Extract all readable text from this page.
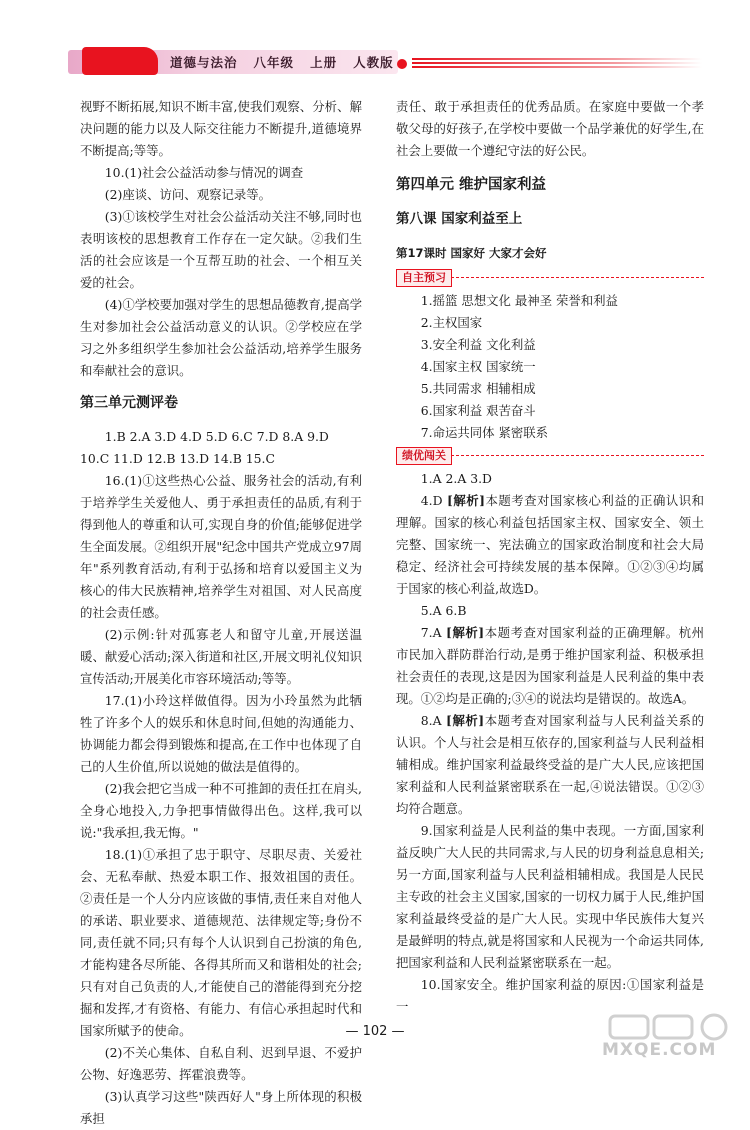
道德与法治   八年级   上册   人教版

视野不断拓展,知识不断丰富,使我们观察、分析、解决问题的能力以及人际交往能力不断提升,道德境界不断提高;等等。

10.(1)社会公益活动参与情况的调查

(2)座谈、访问、观察记录等。

(3)①该校学生对社会公益活动关注不够,同时也表明该校的思想教育工作存在一定欠缺。②我们生活的社会应该是一个互帮互助的社会、一个相互关爱的社会。

(4)①学校要加强对学生的思想品德教育,提高学生对参加社会公益活动意义的认识。②学校应在学习之外多组织学生参加社会公益活动,培养学生服务和奉献社会的意识。

第三单元测评卷

1.B 2.A 3.D 4.D 5.D 6.C 7.D 8.A 9.D

10.C 11.D 12.B 13.D 14.B 15.C

16.(1)①这些热心公益、服务社会的活动,有利于培养学生关爱他人、勇于承担责任的品质,有利于得到他人的尊重和认可,实现自身的价值;能够促进学生全面发展。②组织开展"纪念中国共产党成立97周年"系列教育活动,有利于弘扬和培育以爱国主义为核心的伟大民族精神,培养学生对祖国、对人民高度的社会责任感。

(2)示例:针对孤寡老人和留守儿童,开展送温暖、献爱心活动;深入街道和社区,开展文明礼仪知识宣传活动;开展美化市容环境活动;等等。

17.(1)小玲这样做值得。因为小玲虽然为此牺牲了许多个人的娱乐和休息时间,但她的沟通能力、协调能力都会得到锻炼和提高,在工作中也体现了自己的人生价值,所以说她的做法是值得的。

(2)我会把它当成一种不可推卸的责任扛在肩头,全身心地投入,力争把事情做得出色。这样,我可以说:"我承担,我无悔。"

18.(1)①承担了忠于职守、尽职尽责、关爱社会、无私奉献、热爱本职工作、报效祖国的责任。②责任是一个人分内应该做的事情,责任来自对他人的承诺、职业要求、道德规范、法律规定等;身份不同,责任就不同;只有每个人认识到自己扮演的角色,才能构建各尽所能、各得其所而又和谐相处的社会;只有对自己负责的人,才能使自己的潜能得到充分挖掘和发挥,才有资格、有能力、有信心承担起时代和国家所赋予的使命。

(2)不关心集体、自私自利、迟到早退、不爱护公物、好逸恶劳、挥霍浪费等。

(3)认真学习这些"陕西好人"身上所体现的积极承担

责任、敢于承担责任的优秀品质。在家庭中要做一个孝敬父母的好孩子,在学校中要做一个品学兼优的好学生,在社会上要做一个遵纪守法的好公民。

第四单元 维护国家利益

第八课 国家利益至上

第17课时 国家好 大家才会好

自主预习

1.摇篮 思想文化 最神圣 荣誉和利益

2.主权国家

3.安全利益 文化利益

4.国家主权 国家统一

5.共同需求 相辅相成

6.国家利益 艰苦奋斗

7.命运共同体 紧密联系

绩优闯关

1.A 2.A 3.D

4.D [解析]本题考查对国家核心利益的正确认识和理解。国家的核心利益包括国家主权、国家安全、领土完整、国家统一、宪法确立的国家政治制度和社会大局稳定、经济社会可持续发展的基本保障。①②③④均属于国家的核心利益,故选D。

5.A 6.B

7.A [解析]本题考查对国家利益的正确理解。杭州市民加入群防群治行动,是勇于维护国家利益、积极承担社会责任的表现,这是因为国家利益是人民利益的集中表现。①②均是正确的;③④的说法均是错误的。故选A。

8.A [解析]本题考查对国家利益与人民利益关系的认识。个人与社会是相互依存的,国家利益与人民利益相辅相成。维护国家利益最终受益的是广大人民,应该把国家利益和人民利益紧密联系在一起,④说法错误。①②③均符合题意。

9.国家利益是人民利益的集中表现。一方面,国家利益反映广大人民的共同需求,与人民的切身利益息息相关;另一方面,国家利益与人民利益相辅相成。我国是人民民主专政的社会主义国家,国家的一切权力属于人民,维护国家利益最终受益的是广大人民。实现中华民族伟大复兴是最鲜明的特点,就是将国家和人民视为一个命运共同体,把国家利益和人民利益紧密联系在一起。

10.国家安全。维护国家利益的原因:①国家利益是一

— 102 —
MXQE.COM
